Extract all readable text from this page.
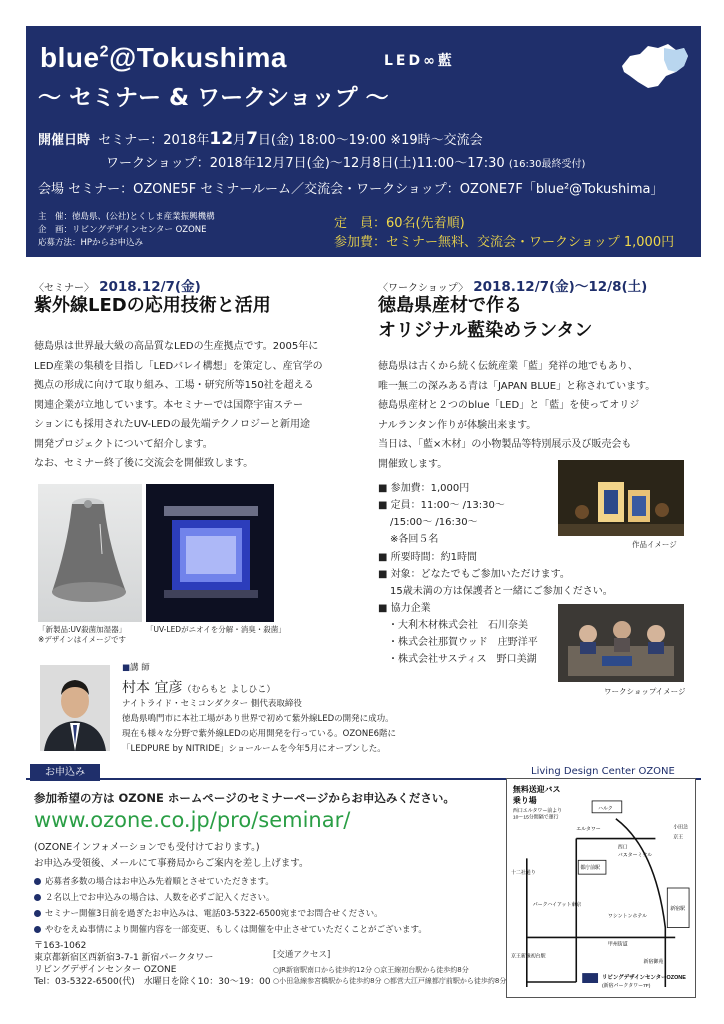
blue$^2$@Tokushima	LED∞藍
〜 セミナー & ワークショップ 〜
開催日時 セミナー：2018年12月7日(金) 18:00〜19:00 ※19時〜交流会
ワークショップ：2018年12月7日(金)〜12月8日(土)11:00〜17:30 (16:30最終受付)
会場 セミナー：OZONE5F セミナールーム／交流会・ワークショップ：OZONE7F「blue²@Tokushima」
主　催：徳島県、(公社)とくしま産業振興機構
企　画：リビングデザインセンター OZONE
応募方法：HPからお申込み
定　員：60名(先着順)
参加費：セミナー無料、交流会・ワークショップ 1,000円
〈セミナー〉 2018.12/7(金)
紫外線LEDの応用技術と活用
徳島県は世界最大級の高品質なLEDの生産拠点です。2005年に
LED産業の集積を目指し「LEDバレイ構想」を策定し、産官学の
拠点の形成に向けて取り組み、工場・研究所等150社を超える
関連企業が立地しています。本セミナーでは国際宇宙ステー
ションにも採用されたUV-LEDの最先端テクノロジーと新用途
開発プロジェクトについて紹介します。
なお、セミナー終了後に交流会を開催致します。
「新製品:UV殺菌加湿器」
※デザインはイメージです
「UV-LEDがニオイを分解・消臭・殺菌」
■講 師
村本 宜彦（むらもと よしひこ）
ナイトライド・セミコンダクター 側代表取締役
徳島県鳴門市に本社工場があり世界で初めて紫外線LEDの開発に成功。
現在も様々な分野で紫外線LEDの応用開発を行っている。OZONE6階に
「LEDPURE by NITRIDE」ショールームを今年5月にオープンした。
〈ワークショップ〉 2018.12/7(金)〜12/8(土)
徳島県産材で作る
オリジナル藍染めランタン
徳島県は古くから続く伝統産業「藍」発祥の地でもあり、
唯一無二の深みある青は「JAPAN BLUE」と称されています。
徳島県産材と２つのblue「LED」と「藍」を使ってオリジ
ナルランタン作りが体験出来ます。
当日は、「藍×木材」の小物製品等特別展示及び販売会も
開催致します。
■ 参加費：1,000円
■ 定員：11:00〜 /13:30〜
/15:00〜 /16:30〜
※各回５名
■ 所要時間：約1時間
■ 対象：どなたでもご参加いただけます。
15歳未満の方は保護者と一緒にご参加ください。
■ 協力企業
・大利木材株式会社　石川奈美
・株式会社那賀ウッド　庄野洋平
・株式会社サスティス　野口美湖
作品イメージ
ワークショップイメージ
お申込み	Living Design Center OZONE
参加希望の方は OZONE ホームページのセミナーページからお申込みください。
www.ozone.co.jp/pro/seminar/
(OZONEインフォメーションでも受付けております。)
お申込み受領後、メールにて事務局からご案内を差し上げます。
応募者多数の場合はお申込み先着順とさせていただきます。
２名以上でお申込みの場合は、人数を必ずご記入ください。
セミナー開催3日前を過ぎたお申込みは、電話03-5322-6500宛までお問合せください。
やむをえぬ事情により開催内容を一部変更、もしくは開催を中止させていただくことがございます。
〒163-1062
東京都新宿区西新宿3-7-1 新宿パークタワー
リビングデザインセンター OZONE
Tel：03-5322-6500(代)　水曜日を除く10：30〜19：00
[交通アクセス]
○JR新宿駅南口から徒歩約12分 ○京王線初台駅から徒歩約8分
○小田急線参宮橋駅から徒歩約8分 ○都営大江戸線都庁前駅から徒歩約8分
無料送迎バス
乗り場
西口エルタワー前より
10〜15分間隔で運行
ハルク
エルタワー
西口
バスターミナル
小田急
京王
都庁前駅
ワシントンホテル
甲州街道
新宿御苑
新宿駅
十二社通り
パークハイアット東京
京王新線初台駅
リビングデザインセンターOZONE
(新宿パークタワー7F)
